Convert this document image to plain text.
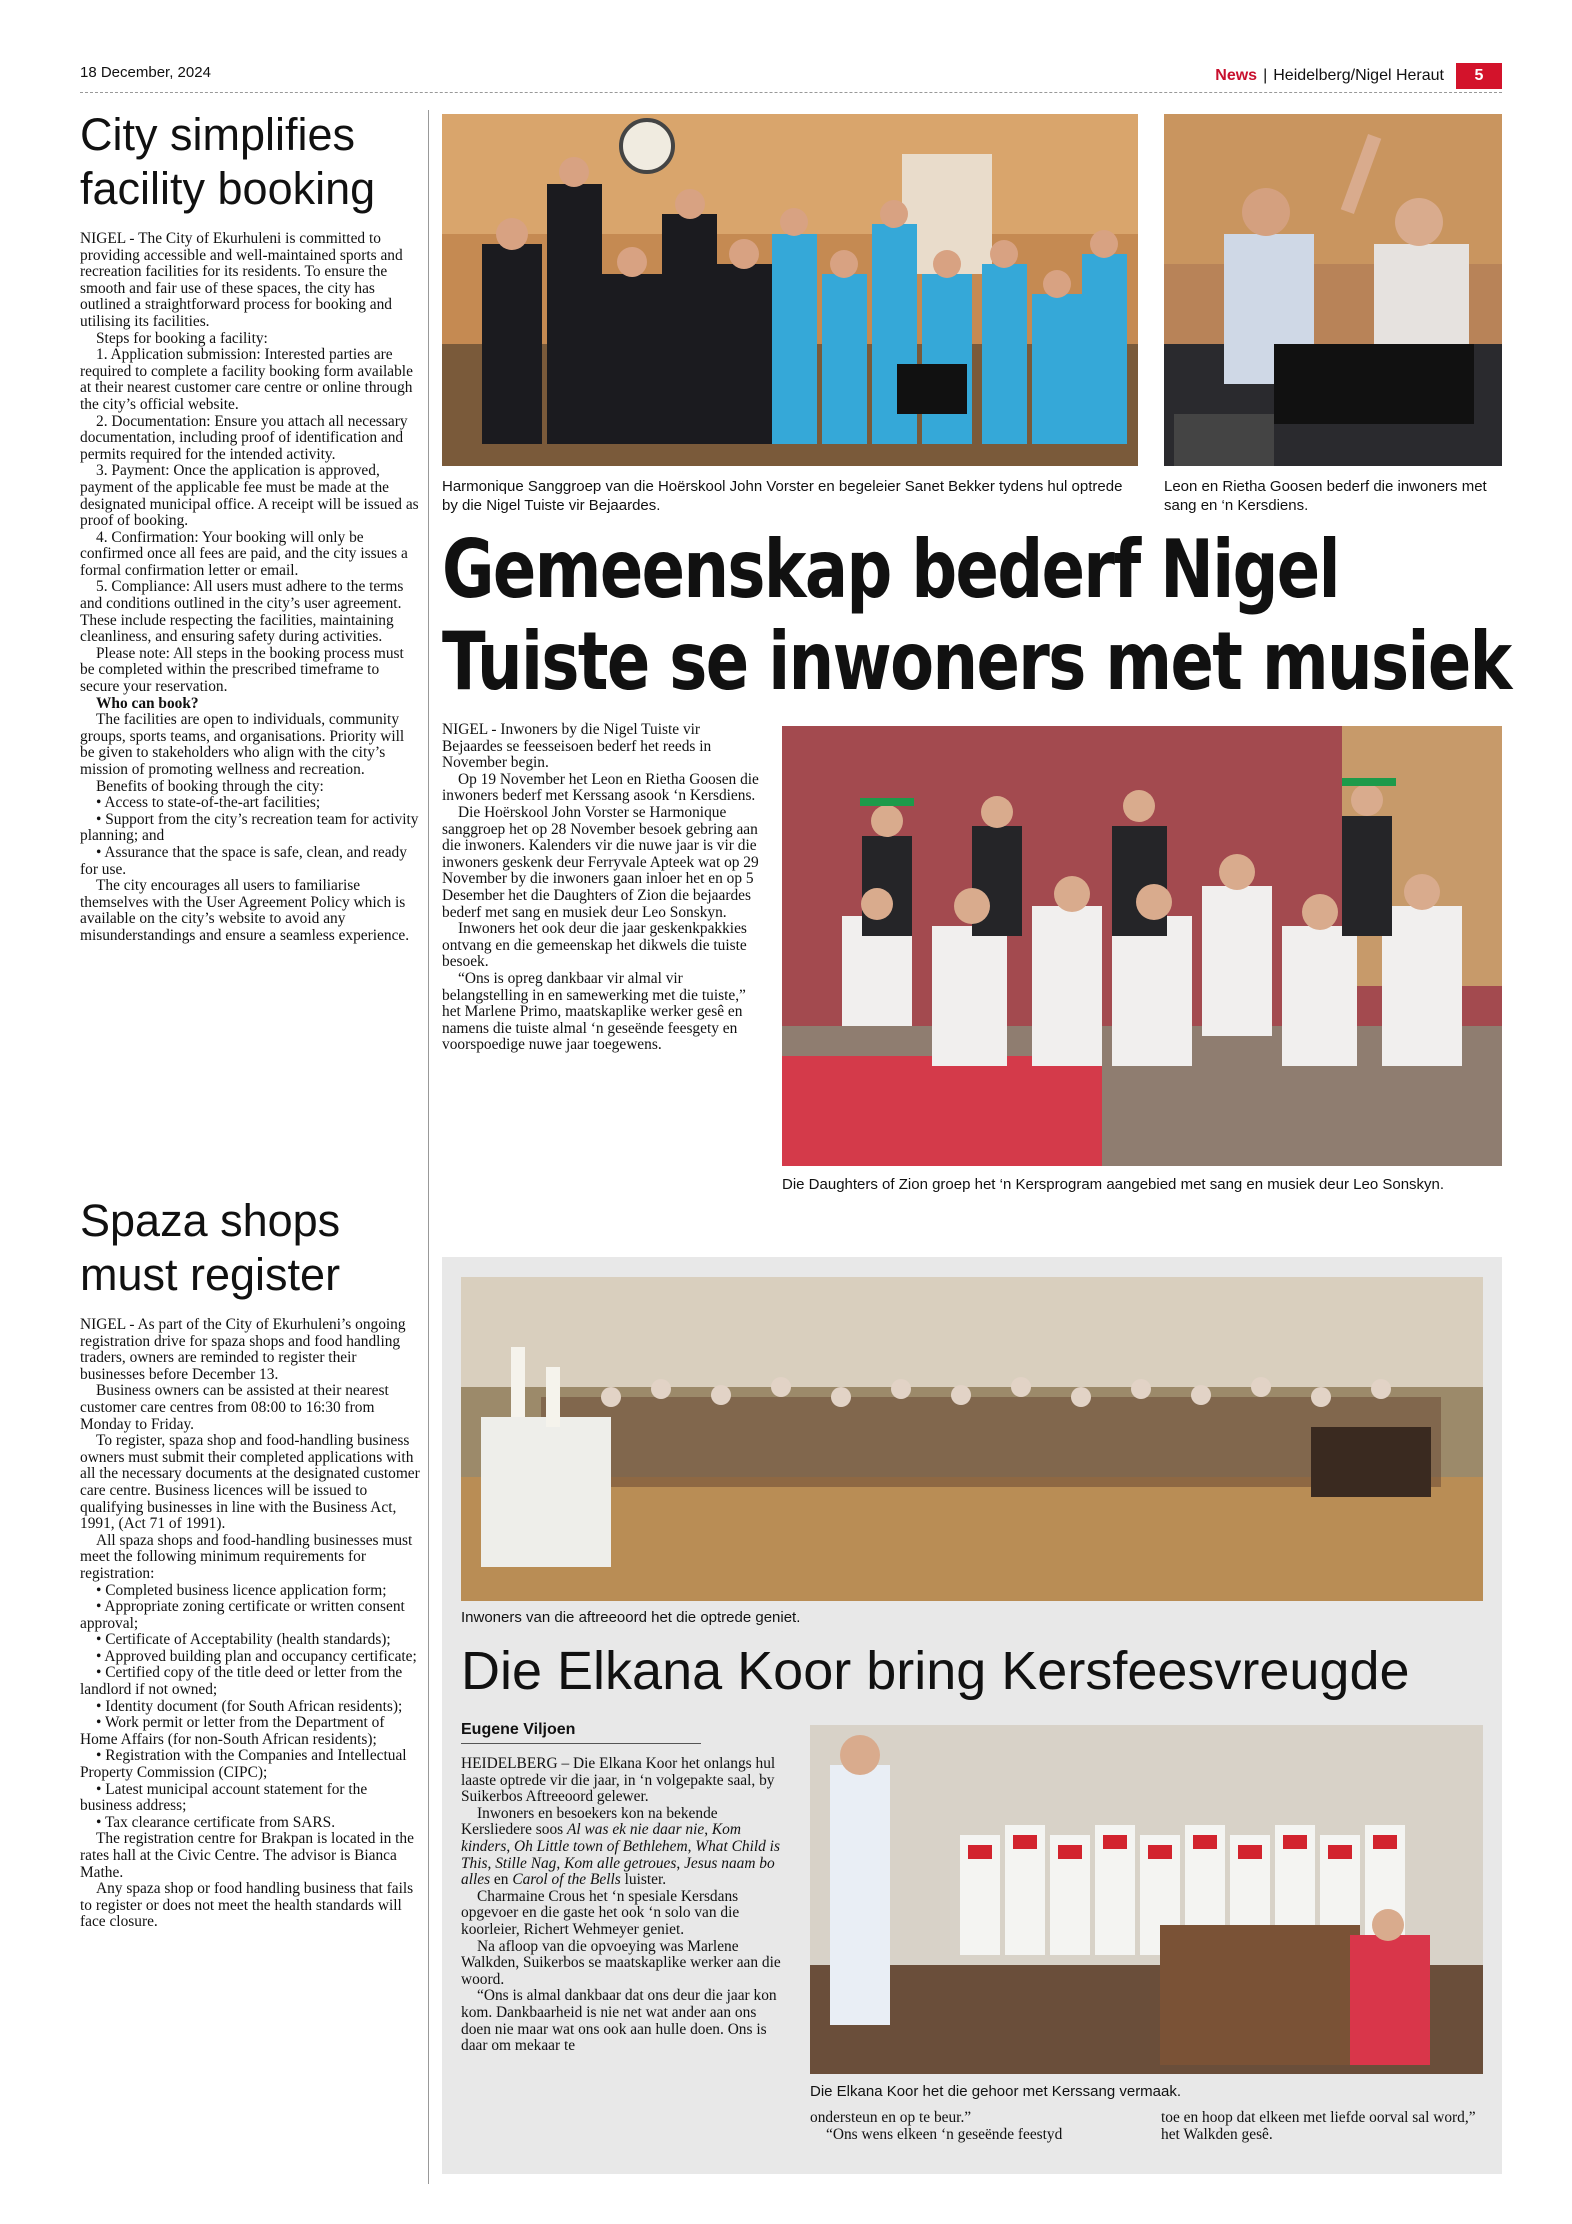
18 December, 2024	News | Heidelberg/Nigel Heraut	5
City simplifies
facility booking

NIGEL - The City of Ekurhuleni is committed to providing accessible and well-maintained sports and recreation facilities for its residents. To ensure the smooth and fair use of these spaces, the city has outlined a straightforward process for booking and utilising its facilities.

Steps for booking a facility:

1. Application submission: Interested parties are required to complete a facility booking form available at their nearest customer care centre or online through the city’s official website.

2. Documentation: Ensure you attach all necessary documentation, including proof of identification and permits required for the intended activity.

3. Payment: Once the application is approved, payment of the applicable fee must be made at the designated municipal office. A receipt will be issued as proof of booking.

4. Confirmation: Your booking will only be confirmed once all fees are paid, and the city issues a formal confirmation letter or email.

5. Compliance: All users must adhere to the terms and conditions outlined in the city’s user agreement. These include respecting the facilities, maintaining cleanliness, and ensuring safety during activities.

Please note: All steps in the booking process must be completed within the prescribed timeframe to secure your reservation.

Who can book?

The facilities are open to individuals, community groups, sports teams, and organisations. Priority will be given to stakeholders who align with the city’s mission of promoting wellness and recreation.

Benefits of booking through the city:

• Access to state-of-the-art facilities;

• Support from the city’s recreation team for activity planning; and

• Assurance that the space is safe, clean, and ready for use.

The city encourages all users to familiarise themselves with the User Agreement Policy which is available on the city’s website to avoid any misunderstandings and ensure a seamless experience.

Spaza shops
must register

NIGEL - As part of the City of Ekurhuleni’s ongoing registration drive for spaza shops and food handling traders, owners are reminded to register their businesses before December 13.

Business owners can be assisted at their nearest customer care centres from 08:00 to 16:30 from Monday to Friday.

To register, spaza shop and food-handling business owners must submit their completed applications with all the necessary documents at the designated customer care centre. Business licences will be issued to qualifying businesses in line with the Business Act, 1991, (Act 71 of 1991).

All spaza shops and food-handling businesses must meet the following minimum requirements for registration:

• Completed business licence application form;

• Appropriate zoning certificate or written consent approval;

• Certificate of Acceptability (health standards);

• Approved building plan and occupancy certificate;

• Certified copy of the title deed or letter from the landlord if not owned;

• Identity document (for South African residents);

• Work permit or letter from the Department of Home Affairs (for non-South African residents);

• Registration with the Companies and Intellectual Property Commission (CIPC);

• Latest municipal account statement for the business address;

• Tax clearance certificate from SARS.

The registration centre for Brakpan is located in the rates hall at the Civic Centre. The advisor is Bianca Mathe.

Any spaza shop or food handling business that fails to register or does not meet the health standards will face closure.

Harmonique Sanggroep van die Hoërskool John Vorster en begeleier Sanet Bekker tydens hul optrede by die Nigel Tuiste vir Bejaardes.
Leon en Rietha Goosen bederf die inwoners met sang en ‘n Kersdiens.
Gemeenskap bederf Nigel
Tuiste se inwoners met musiek

NIGEL - Inwoners by die Nigel Tuiste vir Bejaardes se feesseisoen bederf het reeds in November begin.

Op 19 November het Leon en Rietha Goosen die inwoners bederf met Kerssang asook ‘n Kersdiens.

Die Hoërskool John Vorster se Harmonique sanggroep het op 28 November besoek gebring aan die inwoners. Kalenders vir die nuwe jaar is vir die inwoners geskenk deur Ferryvale Apteek wat op 29 November by die inwoners gaan inloer het en op 5 Desember het die Daughters of Zion die bejaardes bederf met sang en musiek deur Leo Sonskyn.

Inwoners het ook deur die jaar geskenkpakkies ontvang en die gemeenskap het dikwels die tuiste besoek.

“Ons is opreg dankbaar vir almal vir belangstelling in en samewerking met die tuiste,” het Marlene Primo, maatskaplike werker gesê en namens die tuiste almal ‘n geseënde feesgety en voorspoedige nuwe jaar toegewens.

Die Daughters of Zion groep het ‘n Kersprogram aangebied met sang en musiek deur Leo Sonskyn.
Inwoners van die aftreeoord het die optrede geniet.
Die Elkana Koor bring Kersfeesvreugde
Eugene Viljoen

HEIDELBERG – Die Elkana Koor het onlangs hul laaste optrede vir die jaar, in ‘n volgepakte saal, by Suikerbos Aftreeoord gelewer.

Inwoners en besoekers kon na bekende Kersliedere soos Al was ek nie daar nie, Kom kinders, Oh Little town of Bethlehem, What Child is This, Stille Nag, Kom alle getroues, Jesus naam bo alles en Carol of the Bells luister.

Charmaine Crous het ‘n spesiale Kersdans opgevoer en die gaste het ook ‘n solo van die koorleier, Richert Wehmeyer geniet.

Na afloop van die opvoeying was Marlene Walkden, Suikerbos se maatskaplike werker aan die woord.

“Ons is almal dankbaar dat ons deur die jaar kon kom. Dankbaarheid is nie net wat ander aan ons doen nie maar wat ons ook aan hulle doen. Ons is daar om mekaar te

Die Elkana Koor het die gehoor met Kerssang vermaak.

ondersteun en op te beur.”

“Ons wens elkeen ‘n geseënde feestyd

toe en hoop dat elkeen met liefde oorval sal word,” het Walkden gesê.
